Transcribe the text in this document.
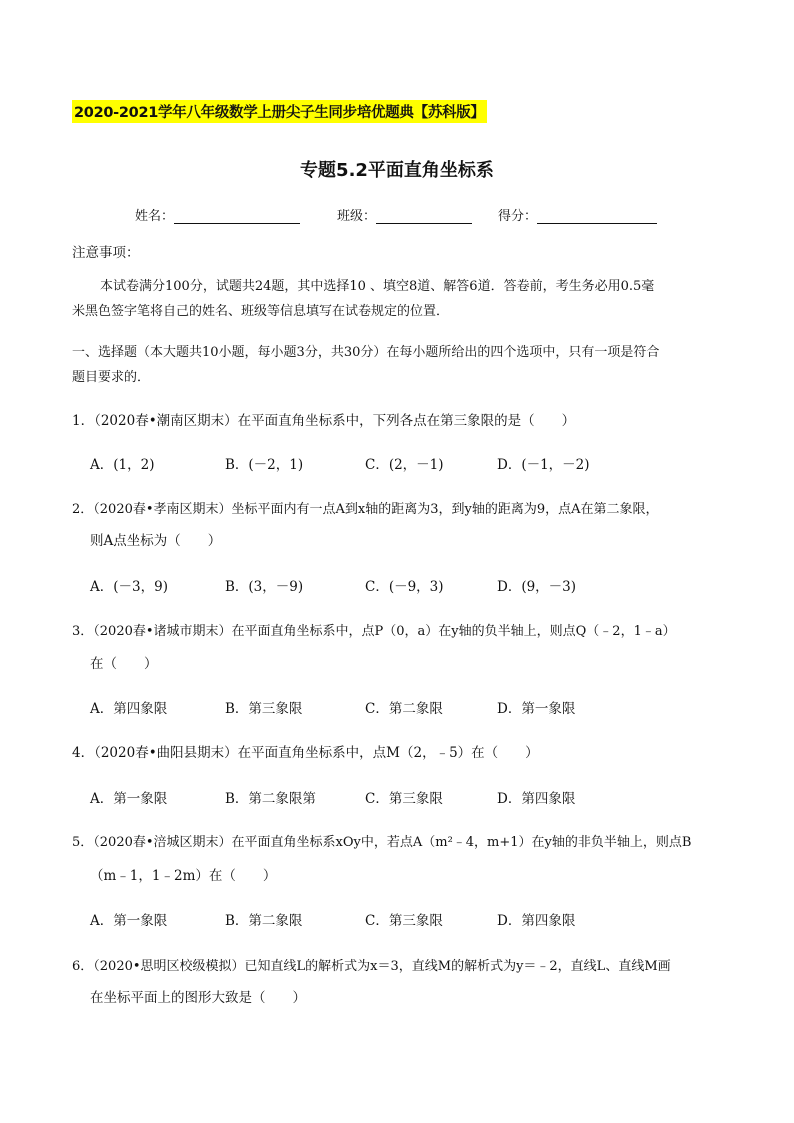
2020-2021学年八年级数学上册尖子生同步培优题典【苏科版】
专题5.2平面直角坐标系
姓名：	班级：	得分：
注意事项：
本试卷满分100分，试题共24题，其中选择10 、填空8道、解答6道．答卷前，考生务必用0.5毫
米黑色签字笔将自己的姓名、班级等信息填写在试卷规定的位置．
一、选择题（本大题共10小题，每小题3分，共30分）在每小题所给出的四个选项中，只有一项是符合
题目要求的．
1．（2020春•潮南区期末）在平面直角坐标系中，下列各点在第三象限的是（　　）
A．(1，2)	B．(－2，1)	C．(2，－1)	D．(－1，－2)
2．（2020春•孝南区期末）坐标平面内有一点A到x轴的距离为3，到y轴的距离为9，点A在第二象限，
则A点坐标为（　　）
A．(－3，9)	B．(3，－9)	C．(－9，3)	D．(9，－3)
3．（2020春•诸城市期末）在平面直角坐标系中，点P（0，a）在y轴的负半轴上，则点Q（﹣2，1﹣a）
在（　　）
A．第四象限	B．第三象限	C．第二象限	D．第一象限
4．（2020春•曲阳县期末）在平面直角坐标系中，点M（2，﹣5）在（　　）
A．第一象限	B．第二象限第	C．第三象限	D．第四象限
5．（2020春•涪城区期末）在平面直角坐标系xOy中，若点A（m²﹣4，m+1）在y轴的非负半轴上，则点B
（m﹣1，1﹣2m）在（　　）
A．第一象限	B．第二象限	C．第三象限	D．第四象限
6．（2020•思明区校级模拟）已知直线L的解析式为x＝3，直线M的解析式为y＝﹣2，直线L、直线M画
在坐标平面上的图形大致是（　　）
